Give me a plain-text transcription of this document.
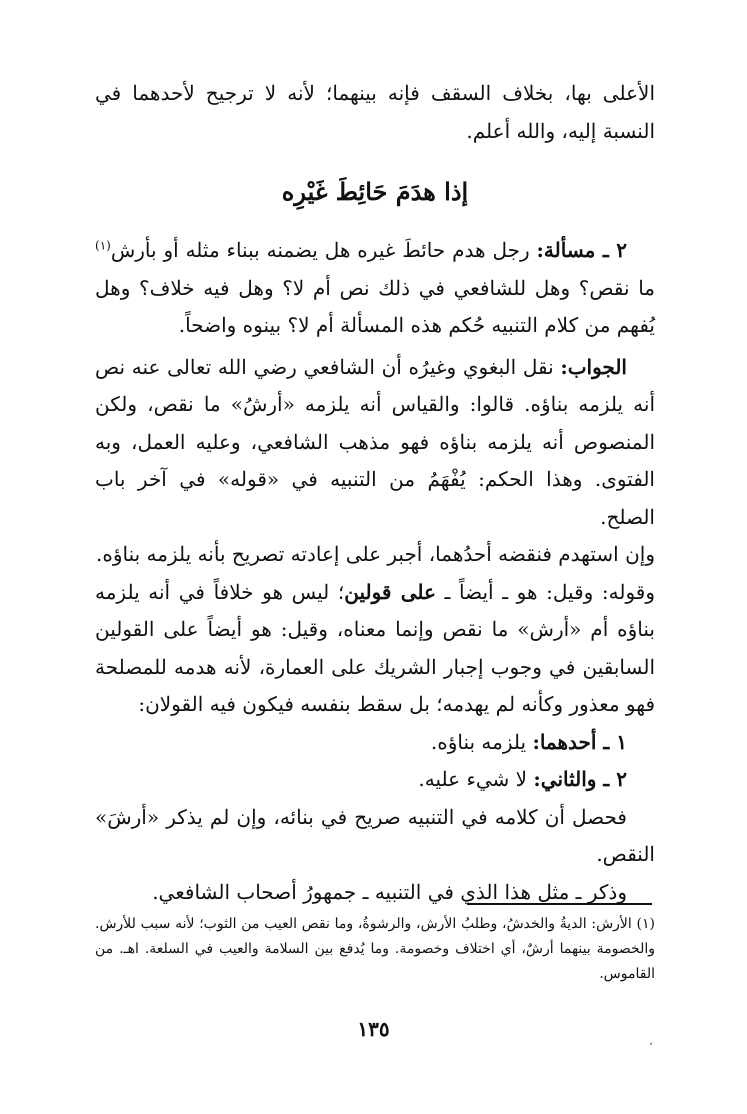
الأعلى بها، بخلاف السقف فإنه بينهما؛ لأنه لا ترجيح لأحدهما في النسبة إليه، والله أعلم.

إذا هدَمَ حَائِطَ غَيْرِه

٢ ـ مسألة: رجل هدم حائطَ غيره هل يضمنه ببناء مثله أو بأرش$^{(١)}$ ما نقص؟ وهل للشافعي في ذلك نص أم لا؟ وهل فيه خلاف؟ وهل يُفهم من كلام التنبيه حُكم هذه المسألة أم لا؟ بينوه واضحاً.

الجواب: نقل البغوي وغيرُه أن الشافعي رضي الله تعالى عنه نص أنه يلزمه بناؤه. قالوا: والقياس أنه يلزمه «أرشُ» ما نقص، ولكن المنصوص أنه يلزمه بناؤه فهو مذهب الشافعي، وعليه العمل، وبه الفتوى. وهذا الحكم: يُفْهَمُ من التنبيه في «قوله» في آخر باب الصلح.

وإن استهدم فنقضه أحدُهما، أجبر على إعادته تصريح بأنه يلزمه بناؤه.

وقوله: وقيل: هو ـ أيضاً ـ على قولين؛ ليس هو خلافاً في أنه يلزمه بناؤه أم «أرش» ما نقص وإنما معناه، وقيل: هو أيضاً على القولين السابقين في وجوب إجبار الشريك على العمارة، لأنه هدمه للمصلحة فهو معذور وكأنه لم يهدمه؛ بل سقط بنفسه فيكون فيه القولان:

١ ـ أحدهما: يلزمه بناؤه.

٢ ـ والثاني: لا شيء عليه.

فحصل أن كلامه في التنبيه صريح في بنائه، وإن لم يذكر «أرشَ» النقص.

وذكر ـ مثل هذا الذي في التنبيه ـ جمهورُ أصحاب الشافعي.

(١) الأرش: الديةُ والخدشُ، وطلبُ الأرش، والرشوةُ، وما نقص العيب من الثوب؛ لأنه سبب للأرش. والخصومة بينهما أرشٌ، أي اختلاف وخصومة. وما يُدفع بين السلامة والعيب في السلعة. اهـ. من القاموس.
١٣٥
،
